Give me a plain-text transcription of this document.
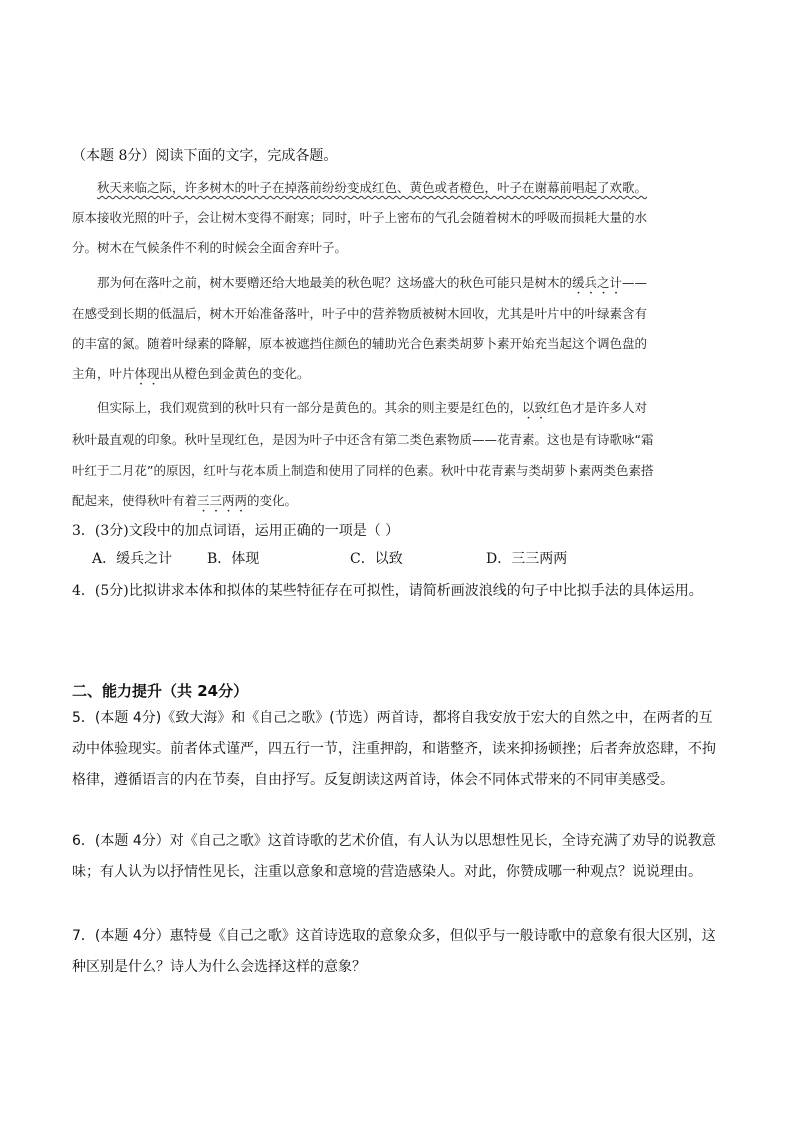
（本题 8分）阅读下面的文字，完成各题。
秋天来临之际，许多树木的叶子在掉落前纷纷变成红色、黄色或者橙色，叶子在谢幕前唱起了欢歌。
原本接收光照的叶子，会让树木变得不耐寒；同时，叶子上密布的气孔会随着树木的呼吸而损耗大量的水
分。树木在气候条件不利的时候会全面舍弃叶子。
那为何在落叶之前，树木要赠还给大地最美的秋色呢？这场盛大的秋色可能只是树木的缓兵之计——
在感受到长期的低温后，树木开始准备落叶，叶子中的营养物质被树木回收，尤其是叶片中的叶绿素含有
的丰富的氮。随着叶绿素的降解，原本被遮挡住颜色的辅助光合色素类胡萝卜素开始充当起这个调色盘的
主角，叶片体现出从橙色到金黄色的变化。
但实际上，我们观赏到的秋叶只有一部分是黄色的。其余的则主要是红色的，以致红色才是许多人对
秋叶最直观的印象。秋叶呈现红色，是因为叶子中还含有第二类色素物质——花青素。这也是有诗歌咏“霜
叶红于二月花”的原因，红叶与花本质上制造和使用了同样的色素。秋叶中花青素与类胡萝卜素两类色素搭
配起来，使得秋叶有着三三两两的变化。
3．(3分)文段中的加点词语，运用正确的一项是（ ）
A．缓兵之计 B．体现	C．以致	D．三三两两
4．(5分)比拟讲求本体和拟体的某些特征存在可拟性，请简析画波浪线的句子中比拟手法的具体运用。
二、能力提升（共 24分）
5．(本题 4分)《致大海》和《自己之歌》(节选）两首诗，都将自我安放于宏大的自然之中，在两者的互
动中体验现实。前者体式谨严，四五行一节，注重押韵，和谐整齐，读来抑扬顿挫；后者奔放恣肆，不拘
格律，遵循语言的内在节奏，自由抒写。反复朗读这两首诗，体会不同体式带来的不同审美感受。
6．(本题 4分）对《自己之歌》这首诗歌的艺术价值，有人认为以思想性见长，全诗充满了劝导的说教意
味；有人认为以抒情性见长，注重以意象和意境的营造感染人。对此，你赞成哪一种观点？说说理由。
7．(本题 4分）惠特曼《自己之歌》这首诗选取的意象众多，但似乎与一般诗歌中的意象有很大区别，这
种区别是什么？诗人为什么会选择这样的意象？
